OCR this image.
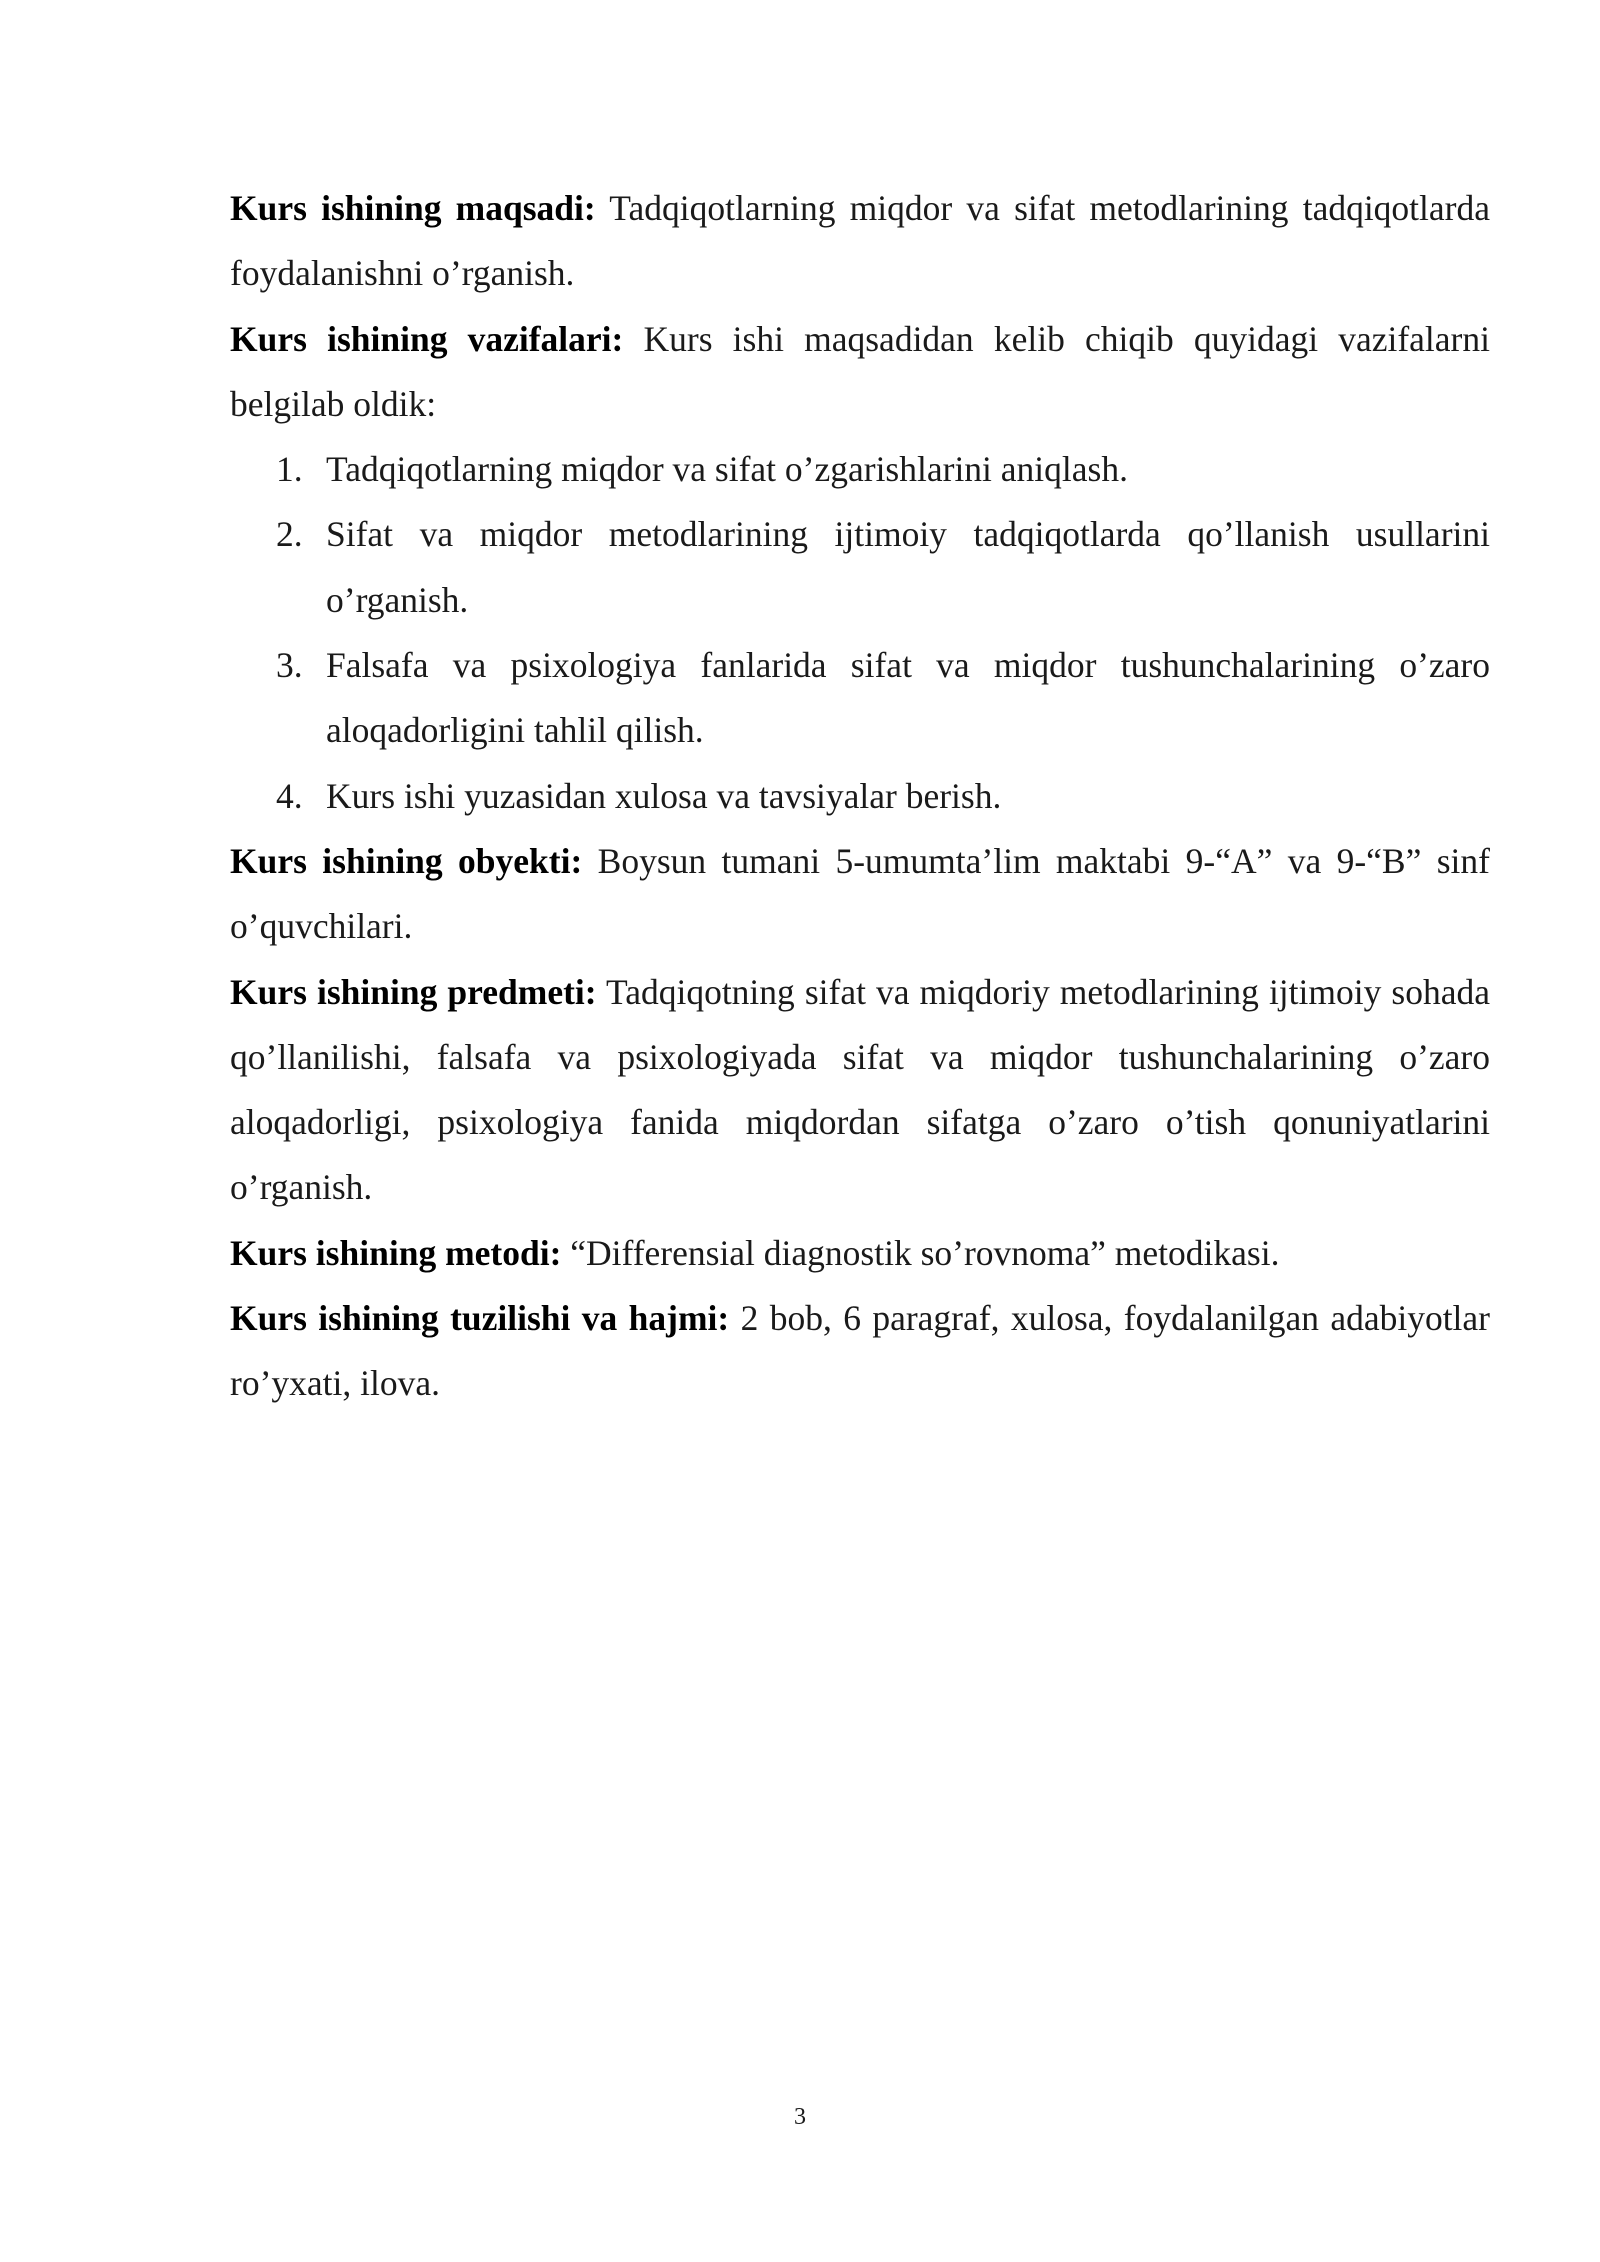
Kurs ishining maqsadi: Tadqiqotlarning miqdor va sifat metodlarining tadqiqotlarda foydalanishni o’rganish.

Kurs ishining vazifalari: Kurs ishi maqsadidan kelib chiqib quyidagi vazifalarni belgilab oldik:

1. Tadqiqotlarning miqdor va sifat o’zgarishlarini aniqlash.
2. Sifat va miqdor metodlarining ijtimoiy tadqiqotlarda qo’llanish usullarini o’rganish.
3. Falsafa va psixologiya fanlarida sifat va miqdor tushunchalarining o’zaro aloqadorligini tahlil qilish.
4. Kurs ishi yuzasidan xulosa va tavsiyalar berish.

Kurs ishining obyekti: Boysun tumani 5-umumta’lim maktabi 9-“A” va 9-“B” sinf o’quvchilari.

Kurs ishining predmeti: Tadqiqotning sifat va miqdoriy metodlarining ijtimoiy sohada qo’llanilishi, falsafa va psixologiyada sifat va miqdor tushunchalarining o’zaro aloqadorligi, psixologiya fanida miqdordan sifatga o’zaro o’tish qonuniyatlarini o’rganish.

Kurs ishining metodi: “Differensial diagnostik so’rovnoma” metodikasi.

Kurs ishining tuzilishi va hajmi: 2 bob, 6 paragraf, xulosa, foydalanilgan adabiyotlar ro’yxati, ilova.

3
